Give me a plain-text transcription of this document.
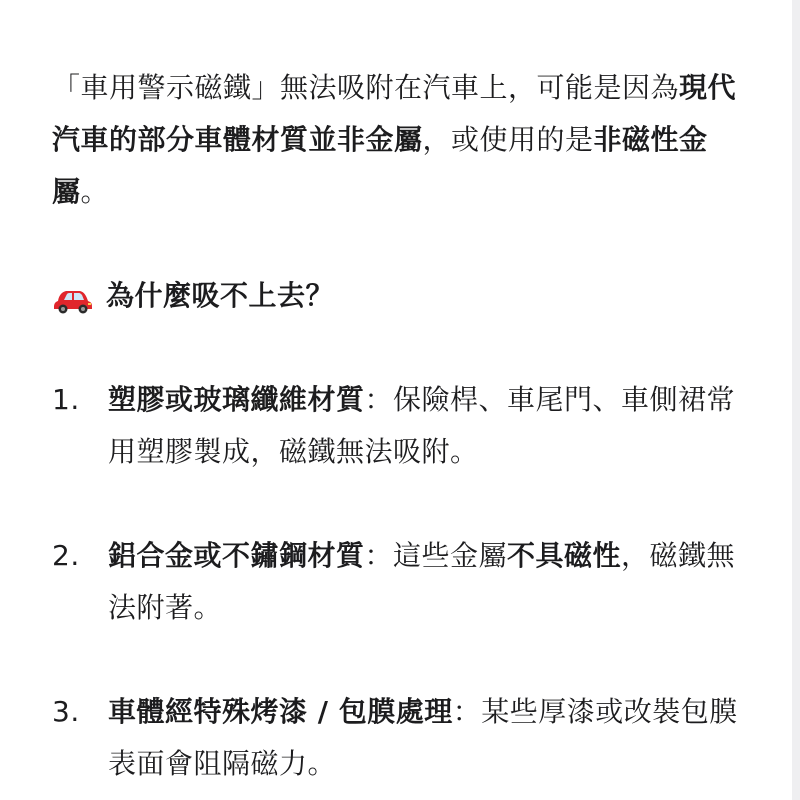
「車用警示磁鐵」無法吸附在汽車上，可能是因為現代汽車的部分車體材質並非金屬，或使用的是非磁性金屬。

為什麼吸不上去？

1. 塑膠或玻璃纖維材質：保險桿、車尾門、車側裙常用塑膠製成，磁鐵無法吸附。

2. 鋁合金或不鏽鋼材質：這些金屬不具磁性，磁鐵無法附著。

3. 車體經特殊烤漆 / 包膜處理：某些厚漆或改裝包膜表面會阻隔磁力。
